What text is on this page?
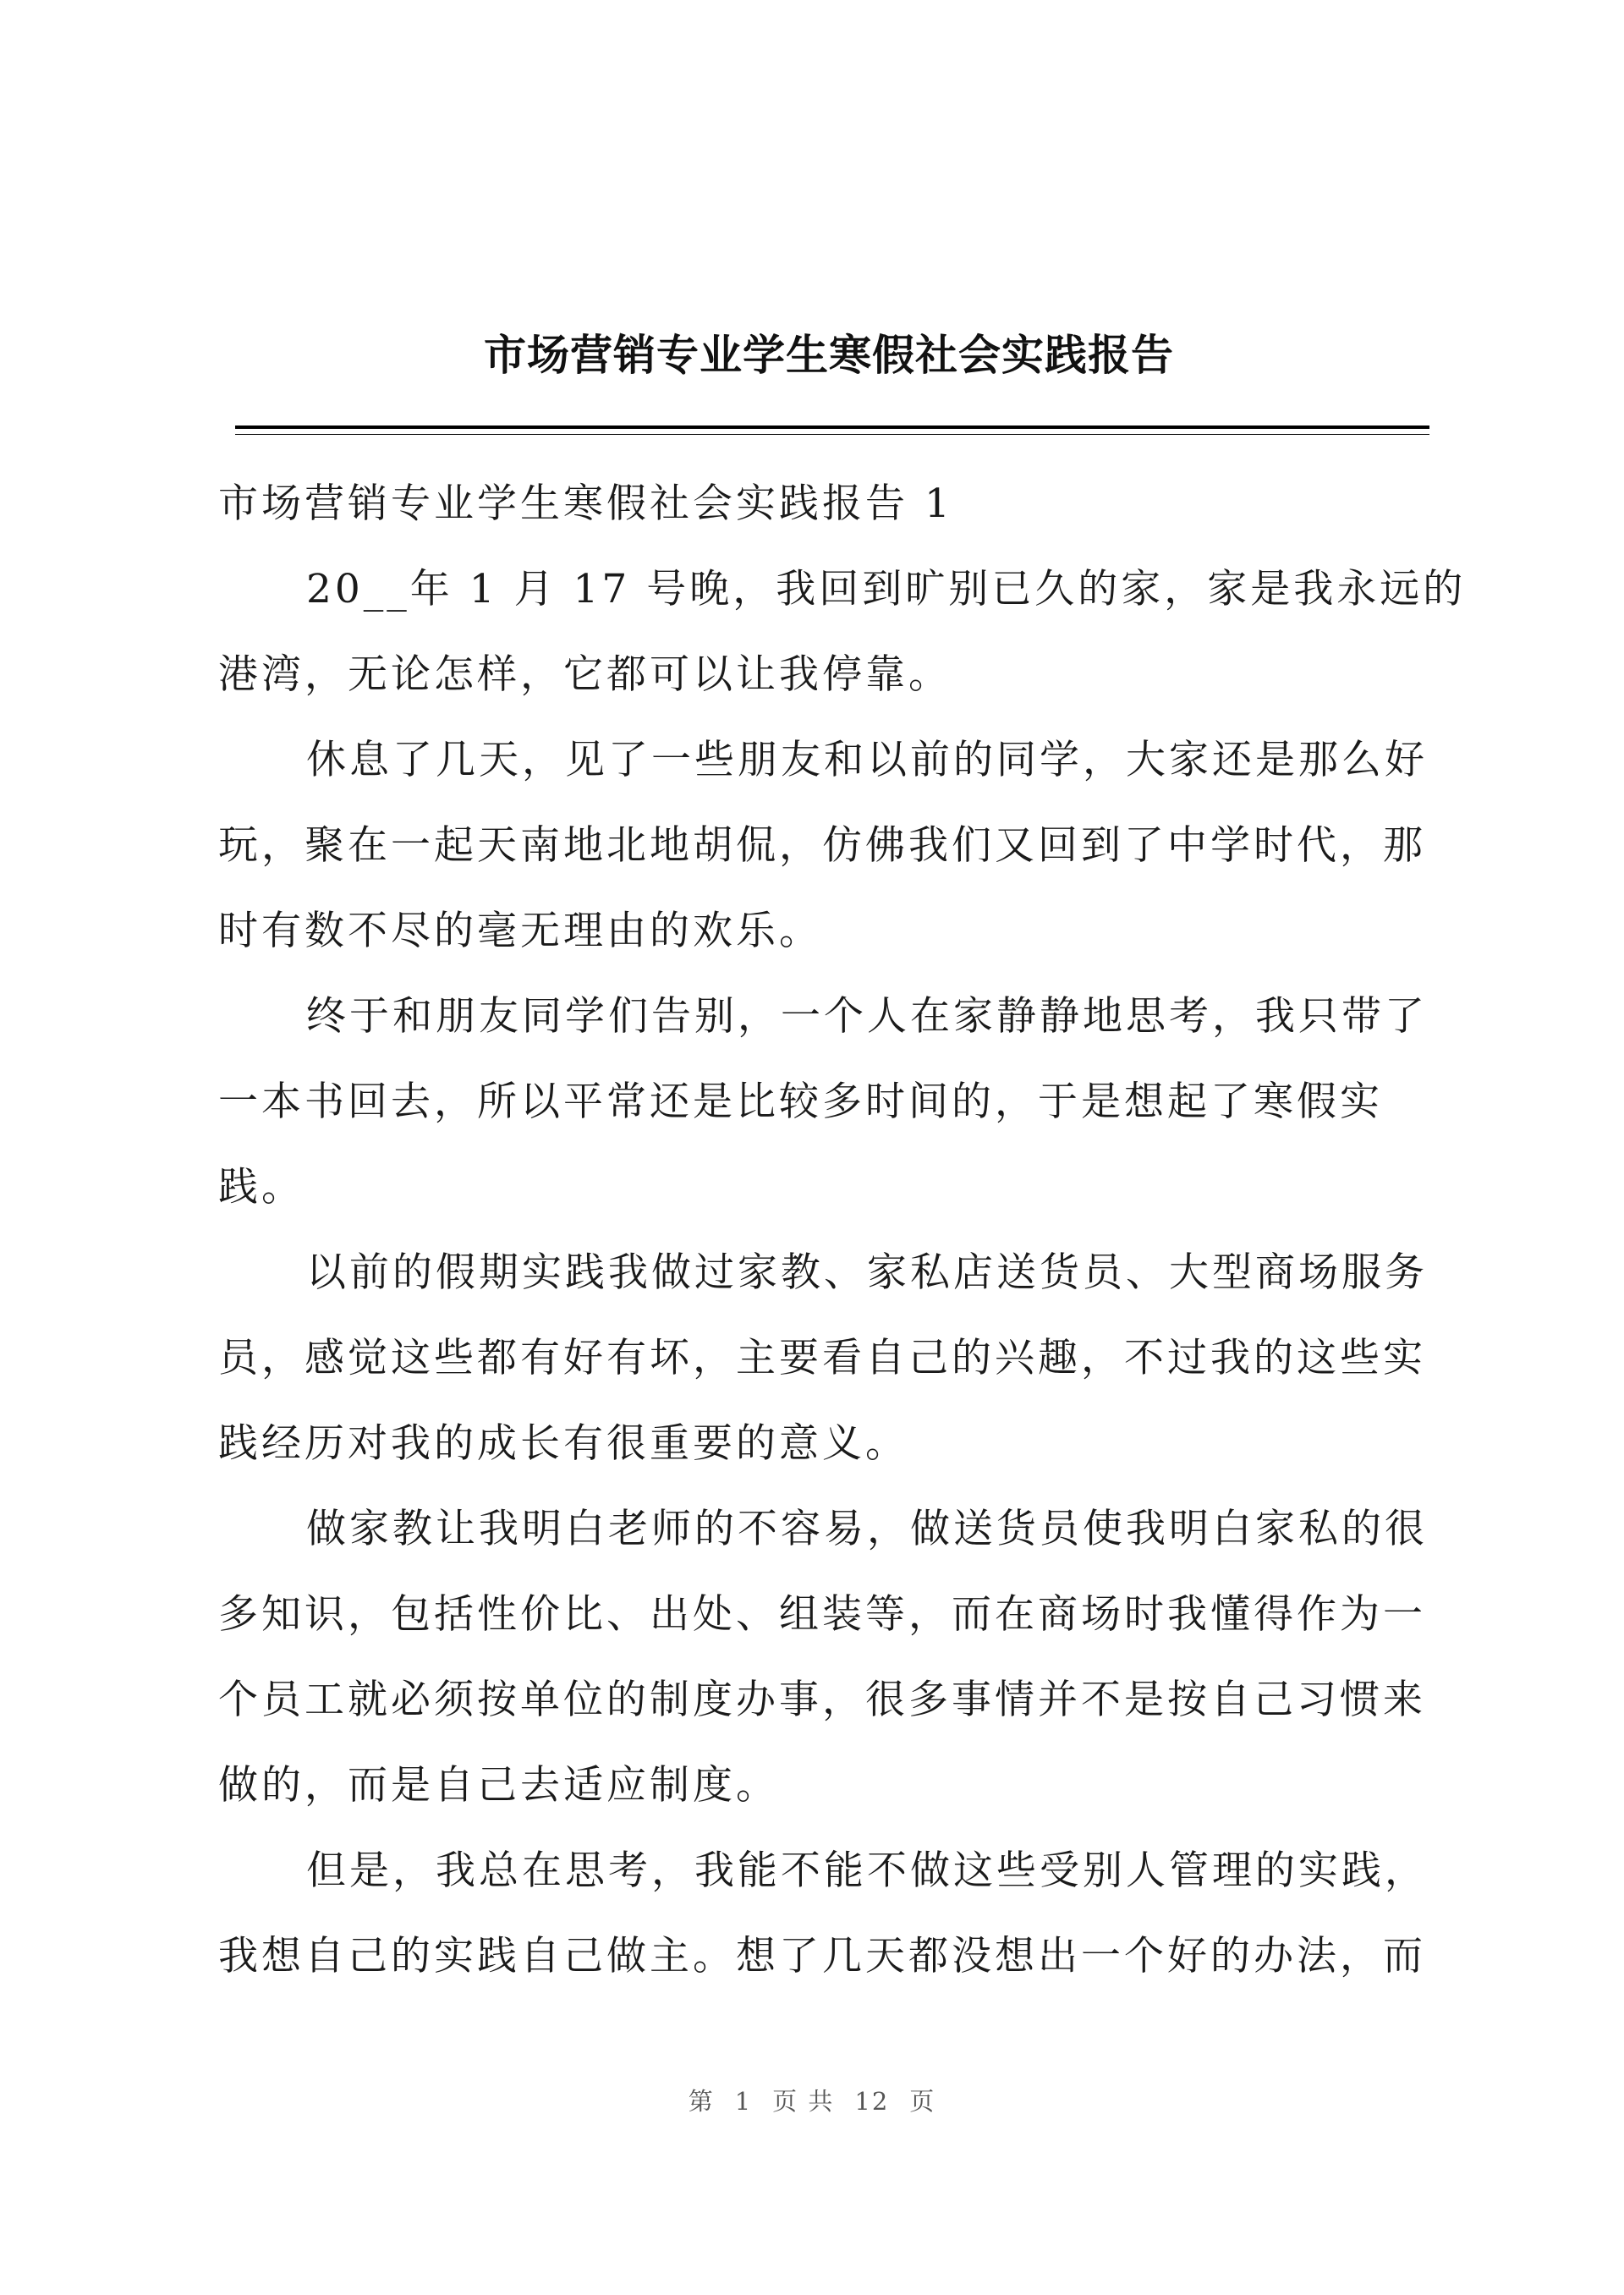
市场营销专业学生寒假社会实践报告
市场营销专业学生寒假社会实践报告 1
20__年 1 月 17 号晚，我回到旷别已久的家，家是我永远的
港湾，无论怎样，它都可以让我停靠。
休息了几天，见了一些朋友和以前的同学，大家还是那么好
玩，聚在一起天南地北地胡侃，仿佛我们又回到了中学时代，那
时有数不尽的毫无理由的欢乐。
终于和朋友同学们告别，一个人在家静静地思考，我只带了
一本书回去，所以平常还是比较多时间的，于是想起了寒假实
践。
以前的假期实践我做过家教、家私店送货员、大型商场服务
员，感觉这些都有好有坏，主要看自己的兴趣，不过我的这些实
践经历对我的成长有很重要的意义。
做家教让我明白老师的不容易，做送货员使我明白家私的很
多知识，包括性价比、出处、组装等，而在商场时我懂得作为一
个员工就必须按单位的制度办事，很多事情并不是按自己习惯来
做的，而是自己去适应制度。
但是，我总在思考，我能不能不做这些受别人管理的实践，
我想自己的实践自己做主。想了几天都没想出一个好的办法，而
第 1 页 共 12 页
